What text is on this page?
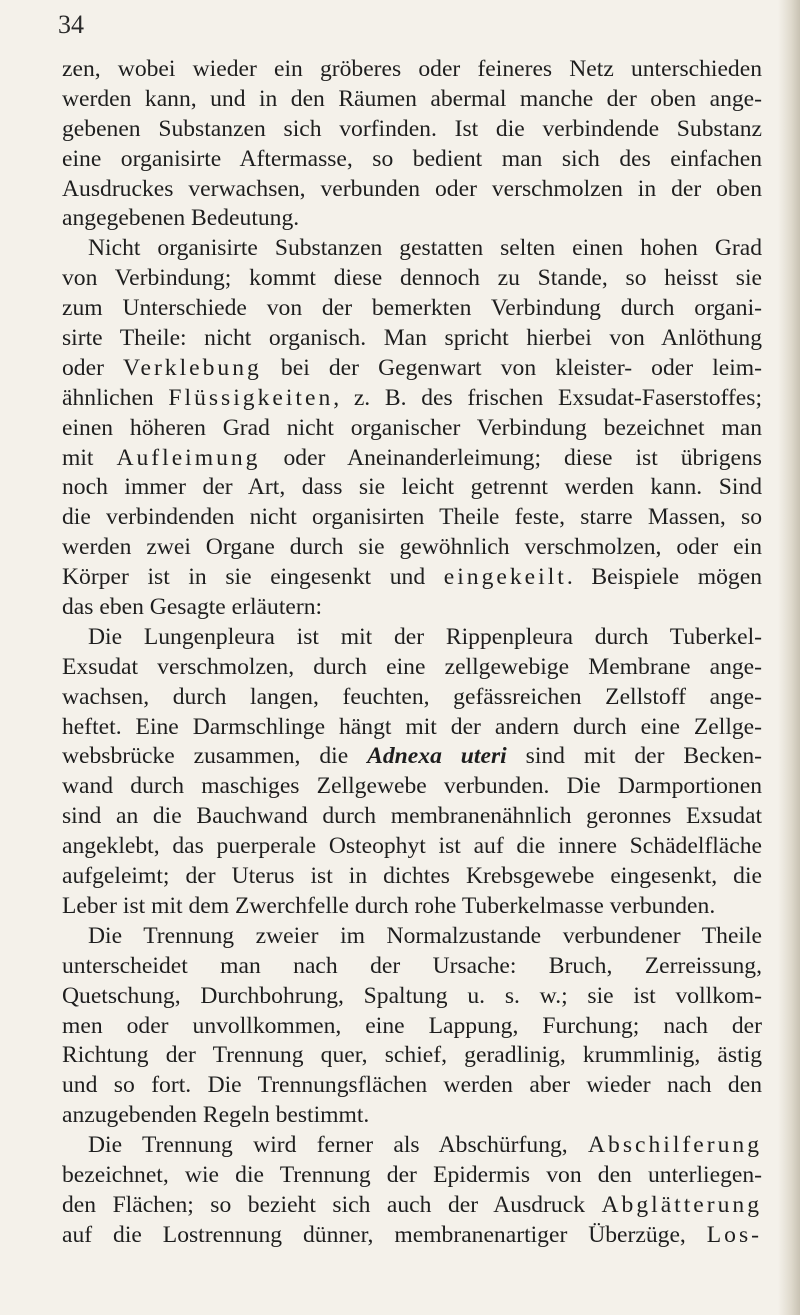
34
zen, wobei wieder ein gröberes oder feineres Netz unterschieden
werden kann, und in den Räumen abermal manche der oben ange-
gebenen Substanzen sich vorfinden. Ist die verbindende Substanz
eine organisirte Aftermasse, so bedient man sich des einfachen
Ausdruckes verwachsen, verbunden oder verschmolzen in der oben
angegebenen Bedeutung.
Nicht organisirte Substanzen gestatten selten einen hohen Grad
von Verbindung; kommt diese dennoch zu Stande, so heisst sie
zum Unterschiede von der bemerkten Verbindung durch organi-
sirte Theile: nicht organisch. Man spricht hierbei von Anlöthung
oder Verklebung bei der Gegenwart von kleister- oder leim-
ähnlichen Flüssigkeiten, z. B. des frischen Exsudat-Faserstoffes;
einen höheren Grad nicht organischer Verbindung bezeichnet man
mit Aufleimung oder Aneinanderleimung; diese ist übrigens
noch immer der Art, dass sie leicht getrennt werden kann. Sind
die verbindenden nicht organisirten Theile feste, starre Massen, so
werden zwei Organe durch sie gewöhnlich verschmolzen, oder ein
Körper ist in sie eingesenkt und eingekeilt. Beispiele mögen
das eben Gesagte erläutern:
Die Lungenpleura ist mit der Rippenpleura durch Tuberkel-
Exsudat verschmolzen, durch eine zellgewebige Membrane ange-
wachsen, durch langen, feuchten, gefässreichen Zellstoff ange-
heftet. Eine Darmschlinge hängt mit der andern durch eine Zellge-
websbrücke zusammen, die Adnexa uteri sind mit der Becken-
wand durch maschiges Zellgewebe verbunden. Die Darmportionen
sind an die Bauchwand durch membranenähnlich geronnes Exsudat
angeklebt, das puerperale Osteophyt ist auf die innere Schädelfläche
aufgeleimt; der Uterus ist in dichtes Krebsgewebe eingesenkt, die
Leber ist mit dem Zwerchfelle durch rohe Tuberkelmasse verbunden.
Die Trennung zweier im Normalzustande verbundener Theile
unterscheidet man nach der Ursache: Bruch, Zerreissung,
Quetschung, Durchbohrung, Spaltung u. s. w.; sie ist vollkom-
men oder unvollkommen, eine Lappung, Furchung; nach der
Richtung der Trennung quer, schief, geradlinig, krummlinig, ästig
und so fort. Die Trennungsflächen werden aber wieder nach den
anzugebenden Regeln bestimmt.
Die Trennung wird ferner als Abschürfung, Abschilferung
bezeichnet, wie die Trennung der Epidermis von den unterliegen-
den Flächen; so bezieht sich auch der Ausdruck Abglätterung
auf die Lostrennung dünner, membranenartiger Überzüge, Los-
